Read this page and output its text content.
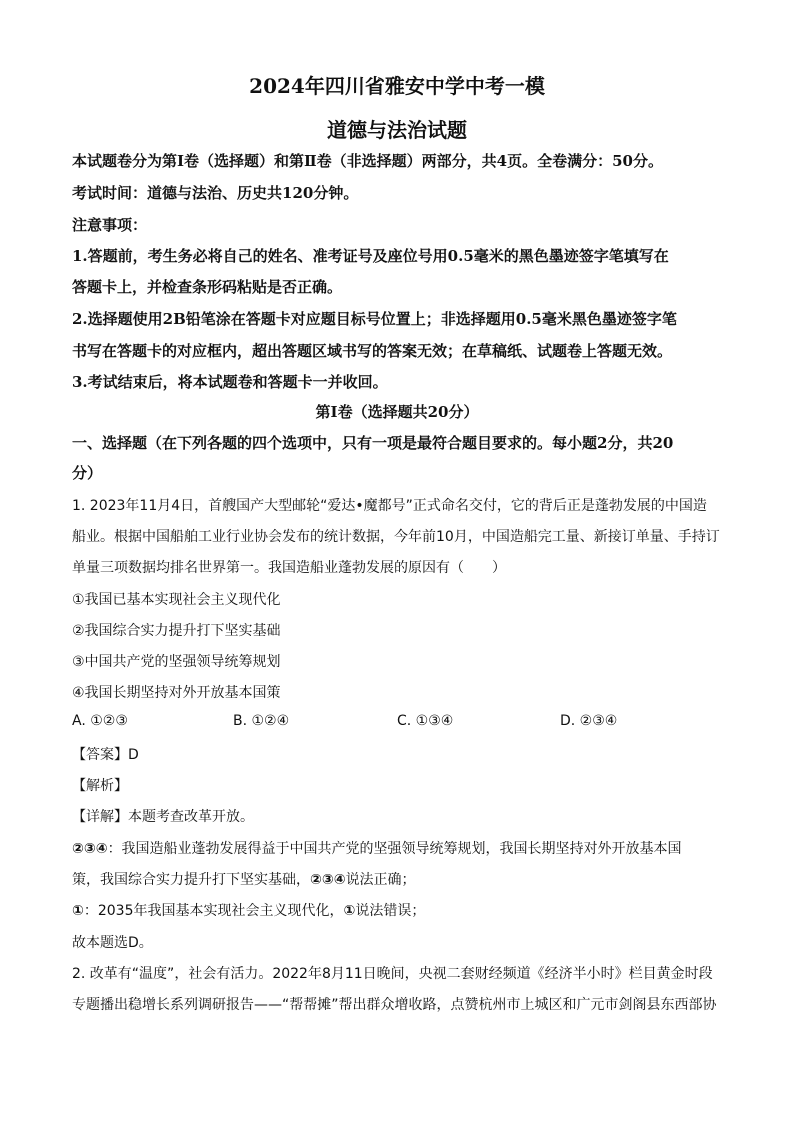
2024年四川省雅安中学中考一模
道德与法治试题
本试题卷分为第Ⅰ卷（选择题）和第Ⅱ卷（非选择题）两部分，共4页。全卷满分：50分。
考试时间：道德与法治、历史共120分钟。
注意事项：
1.答题前，考生务必将自己的姓名、准考证号及座位号用0.5毫米的黑色墨迹签字笔填写在
答题卡上，并检查条形码粘贴是否正确。
2.选择题使用2B铅笔涂在答题卡对应题目标号位置上；非选择题用0.5毫米黑色墨迹签字笔
书写在答题卡的对应框内，超出答题区域书写的答案无效；在草稿纸、试题卷上答题无效。
3.考试结束后，将本试题卷和答题卡一并收回。
第Ⅰ卷（选择题共20分）
一、选择题（在下列各题的四个选项中，只有一项是最符合题目要求的。每小题2分，共20
分）
1. 2023年11月4日，首艘国产大型邮轮“爱达•魔都号”正式命名交付，它的背后正是蓬勃发展的中国造
船业。根据中国船舶工业行业协会发布的统计数据，今年前10月，中国造船完工量、新接订单量、手持订
单量三项数据均排名世界第一。我国造船业蓬勃发展的原因有（　　）
①我国已基本实现社会主义现代化
②我国综合实力提升打下坚实基础
③中国共产党的坚强领导统筹规划
④我国长期坚持对外开放基本国策
A. ①②③	B. ①②④	C. ①③④	D. ②③④
【答案】D
【解析】
【详解】本题考查改革开放。
②③④：我国造船业蓬勃发展得益于中国共产党的坚强领导统筹规划，我国长期坚持对外开放基本国
策，我国综合实力提升打下坚实基础，②③④说法正确；
①：2035年我国基本实现社会主义现代化，①说法错误；
故本题选D。
2. 改革有“温度”，社会有活力。2022年8月11日晚间，央视二套财经频道《经济半小时》栏目黄金时段
专题播出稳增长系列调研报告——“帮帮摊”帮出群众增收路，点赞杭州市上城区和广元市剑阁县东西部协
